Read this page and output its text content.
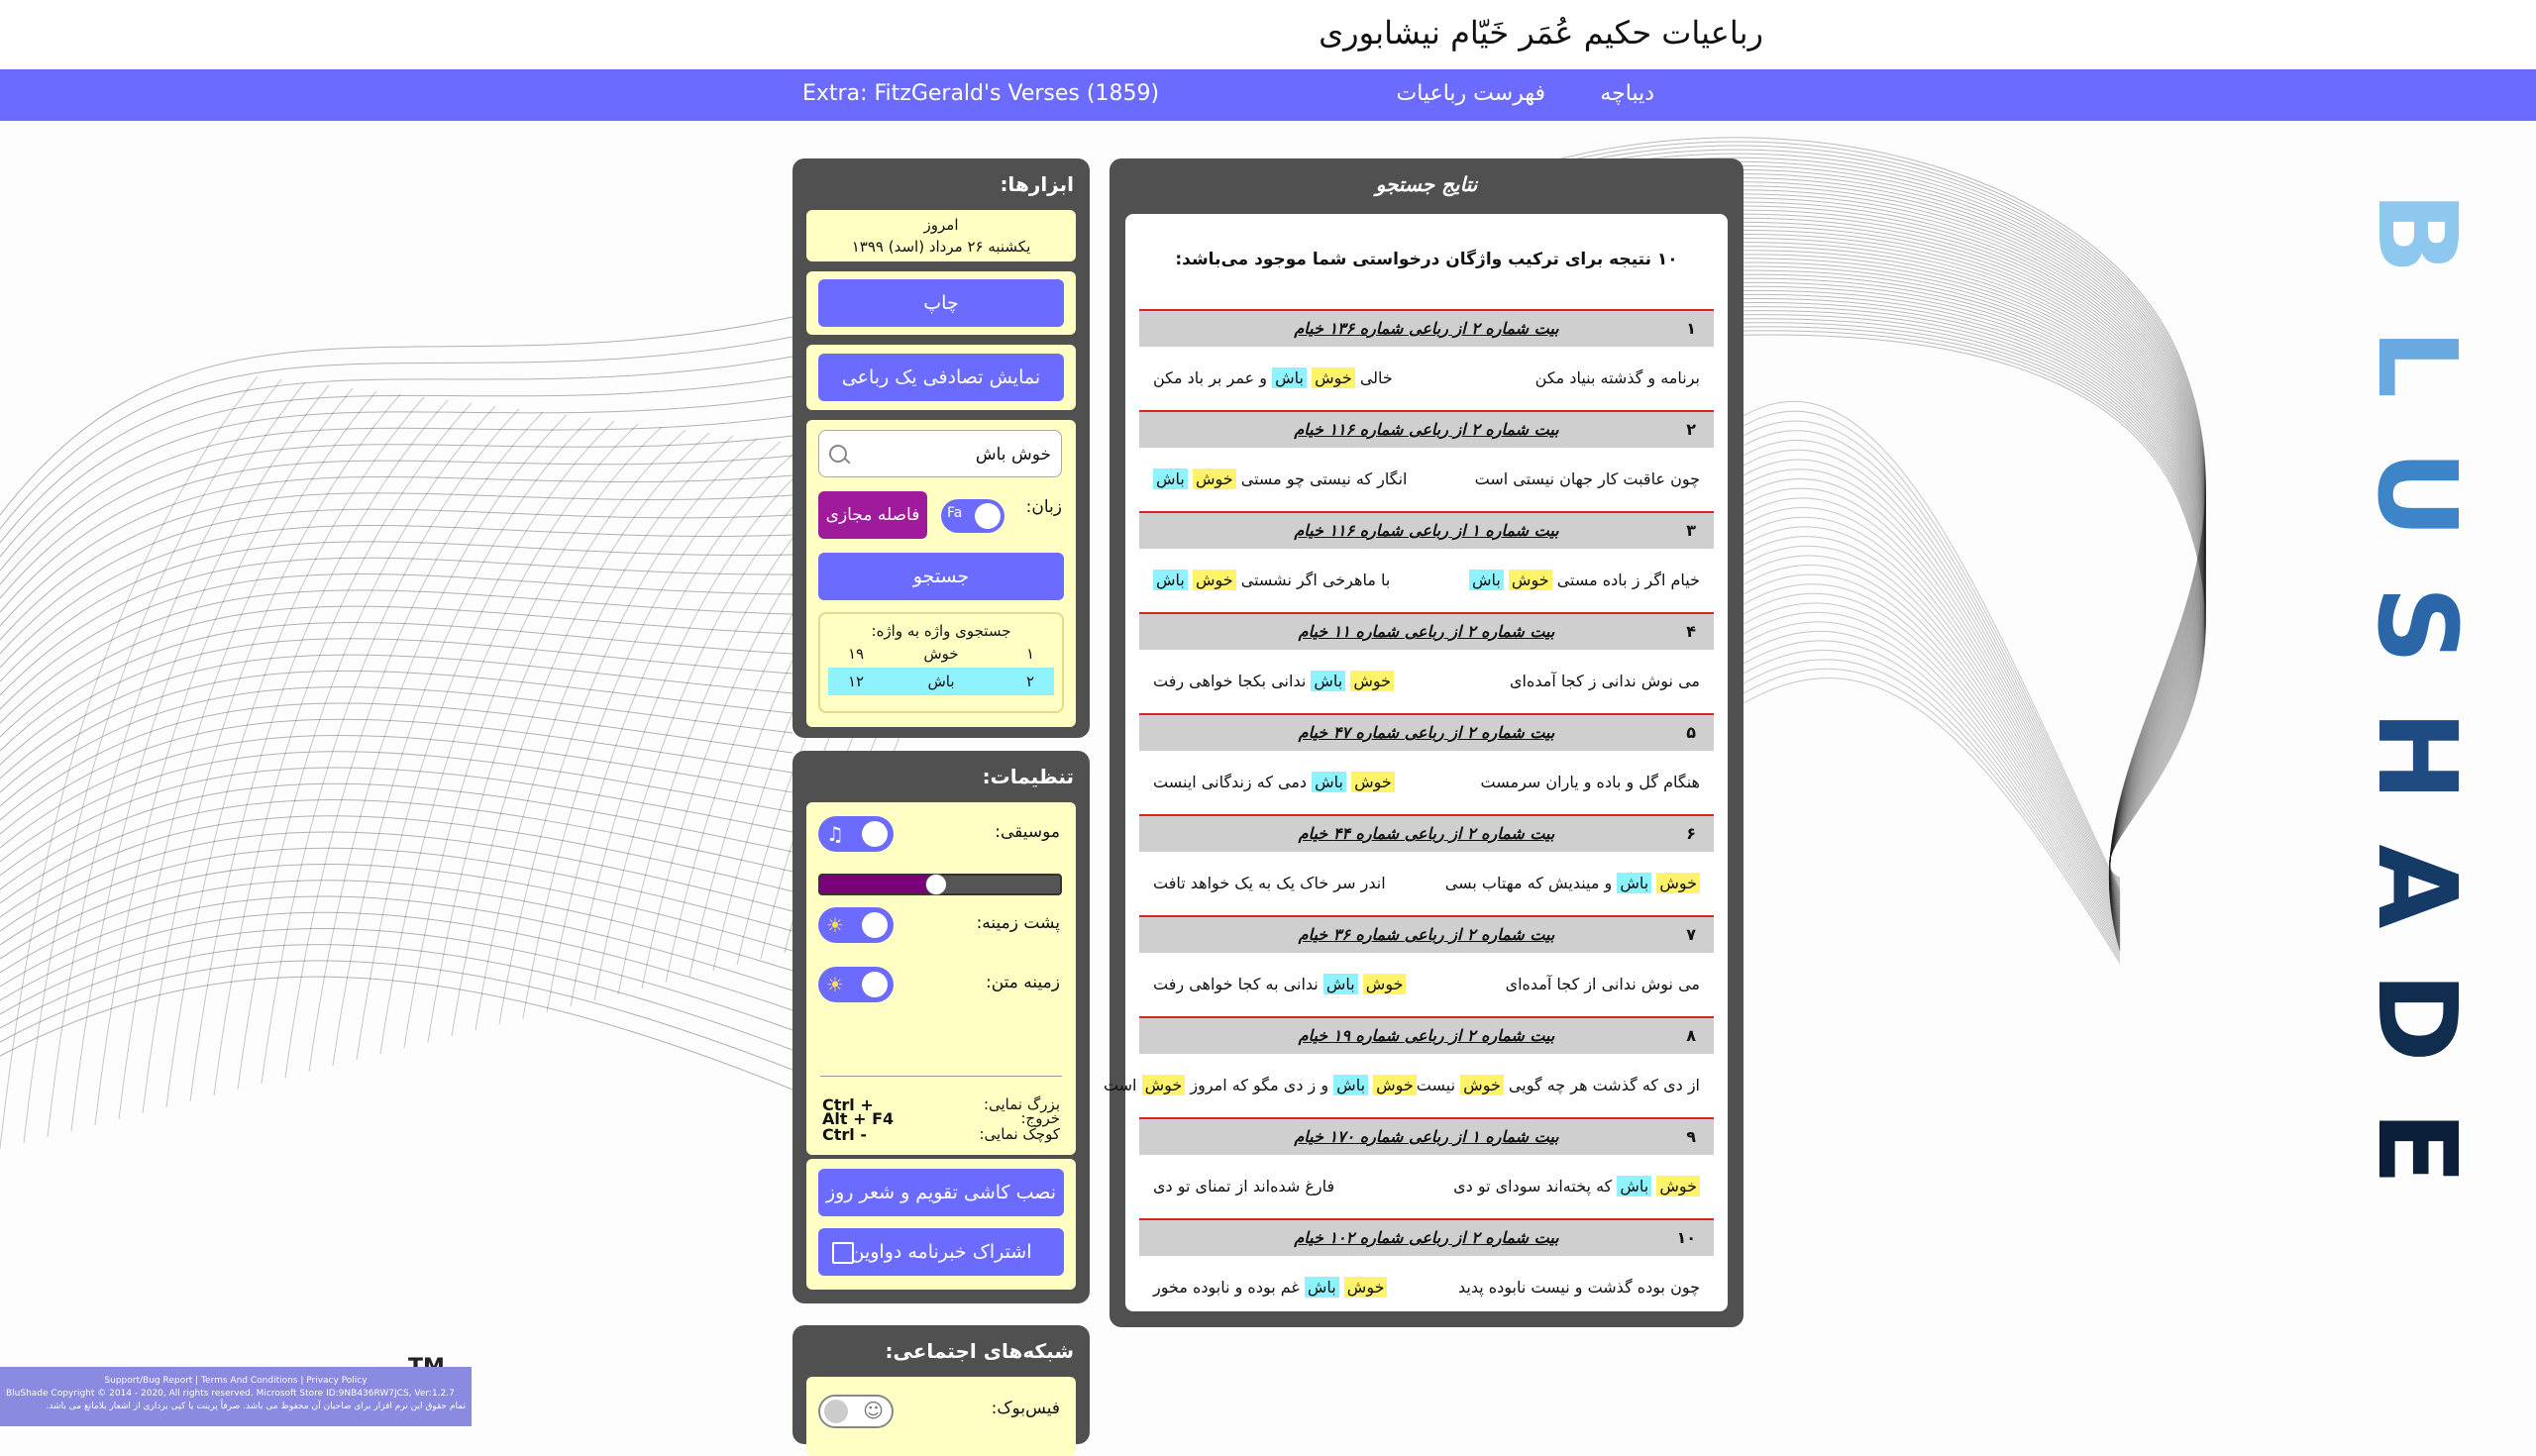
رباعیات حکیم عُمَر خَیّام نیشابوری
دیباچه
فهرست رباعیات
Extra: FitzGerald's Verses (1859)
نتایج جستجو
۱۰ نتیجه برای ترکیب واژگان درخواستی شما موجود می‌باشد:
۱
بیت شماره ۲ از رباعی شماره ۱۳۶ خیام
برنامه و گذشته بنیاد مکن
خالی خوش باش و عمر بر باد مکن
۲
بیت شماره ۲ از رباعی شماره ۱۱۶ خیام
چون عاقبت کار جهان نیستی است
انگار که نیستی چو مستی خوش باش
۳
بیت شماره ۱ از رباعی شماره ۱۱۶ خیام
خیام اگر ز باده مستی خوش باش
با ماهرخی اگر نشستی خوش باش
۴
بیت شماره ۲ از رباعی شماره ۱۱ خیام
می نوش ندانی ز کجا آمده‌ای
خوش باش ندانی بکجا خواهی رفت
۵
بیت شماره ۲ از رباعی شماره ۴۷ خیام
هنگام گل و باده و یاران سرمست
خوش باش دمی که زندگانی اینست
۶
بیت شماره ۲ از رباعی شماره ۴۴ خیام
خوش باش و میندیش که مهتاب بسی
اندر سر خاک یک به یک خواهد تافت
۷
بیت شماره ۲ از رباعی شماره ۳۶ خیام
می نوش ندانی از کجا آمده‌ای
خوش باش ندانی به کجا خواهی رفت
۸
بیت شماره ۲ از رباعی شماره ۱۹ خیام
از دی که گذشت هر چه گویی خوش نیست
خوش باش و ز دی مگو که امروز خوش است
۹
بیت شماره ۱ از رباعی شماره ۱۷۰ خیام
خوش باش که پخته‌اند سودای تو دی
فارغ شده‌اند از تمنای تو دی
۱۰
بیت شماره ۲ از رباعی شماره ۱۰۲ خیام
چون بوده گذشت و نیست نابوده پدید
خوش باش غم بوده و نابوده مخور
ابزارها:
امروز
یکشنبه ۲۶ مرداد (اسد) ۱۳۹۹
چاپ
نمایش تصادفی یک رباعی
خوش باش
زبان:
Fa
فاصله مجازی
جستجو
جستجوی واژه به واژه:
۱
خوش
۱۹
۲
باش
۱۲
تنظیمات:
موسیقی:
♫
پشت زمینه:
☀
زمینه متن:
☀
بزرگ نمایی:
Ctrl +
کوچک نمایی:
Ctrl -
خروج:
Alt + F4
نصب کاشی تقویم و شعر روز
اشتراک خبرنامه دواوین
شبکه‌های اجتماعی:
فیس‌بوک:
☺
B
L
U
S
H
A
D
E
Support/Bug Report | Terms And Conditions | Privacy Policy
BluShade Copyright © 2014 - 2020, All rights reserved. Microsoft Store ID:9NB436RW7JCS, Ver:1.2.7
تمام حقوق این نرم افزار برای صاحبان آن محفوظ می باشد. صرفاً پرینت یا کپی برداری از اشعار بلامانع می باشد.
